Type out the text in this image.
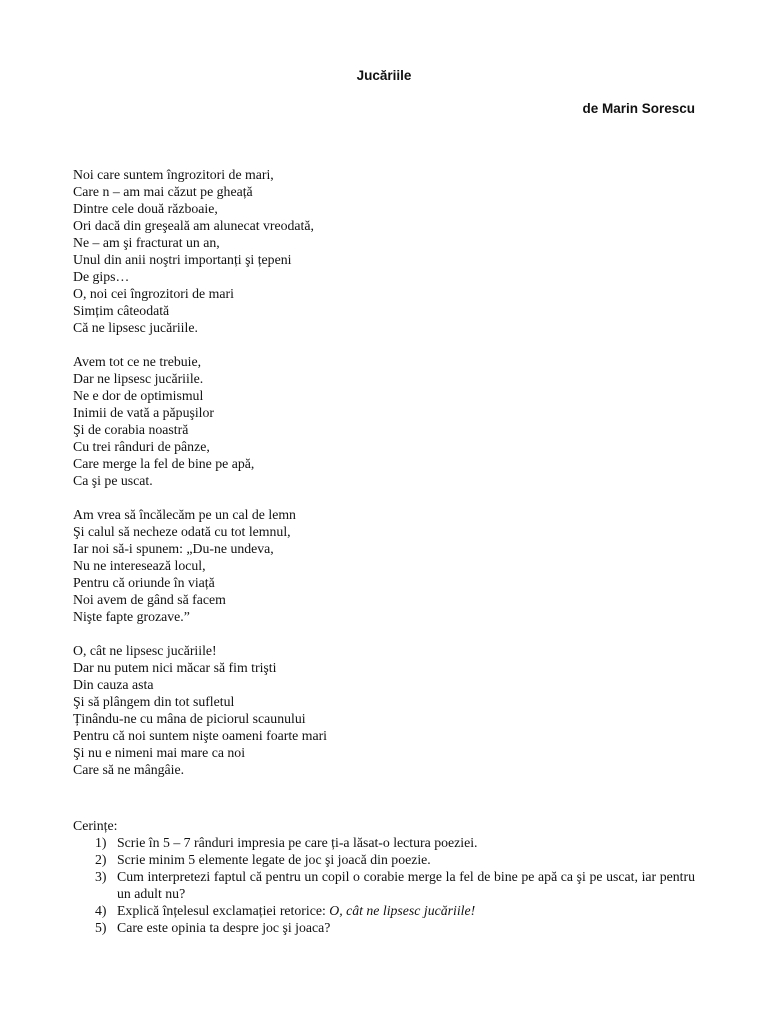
Jucăriile
de Marin Sorescu
Noi care suntem îngrozitori de mari,
Care n – am mai căzut pe gheață
Dintre cele două războaie,
Ori dacă din greşeală am alunecat vreodată,
Ne – am şi fracturat un an,
Unul din anii noştri importanți şi țepeni
De gips…
O, noi cei îngrozitori de mari
Simțim câteodată
Că ne lipsesc jucăriile.
Avem tot ce ne trebuie,
Dar ne lipsesc jucăriile.
Ne e dor de optimismul
Inimii de vată a păpuşilor
Şi de corabia noastră
Cu trei rânduri de pânze,
Care merge la fel de bine pe apă,
Ca şi pe uscat.
Am vrea să încălecăm pe un cal de lemn
Şi calul să necheze odată cu tot lemnul,
Iar noi să-i spunem: „Du-ne undeva,
Nu ne interesează locul,
Pentru că oriunde în viață
Noi avem de gând să facem
Nişte fapte grozave.”
O, cât ne lipsesc jucăriile!
Dar nu putem nici măcar să fim trişti
Din cauza asta
Şi să plângem din tot sufletul
Ținându-ne cu mâna de piciorul scaunului
Pentru că noi suntem nişte oameni foarte mari
Şi nu e nimeni mai mare ca noi
Care să ne mângâie.
Cerințe:
1) Scrie în 5 – 7 rânduri impresia pe care ți-a lăsat-o lectura poeziei.
2) Scrie minim 5 elemente legate de joc şi joacă din poezie.
3) Cum interpretezi faptul că pentru un copil o corabie merge la fel de bine pe apă ca şi pe uscat, iar pentru un adult nu?
4) Explică înțelesul exclamației retorice: O, cât ne lipsesc jucăriile!
5) Care este opinia ta despre joc şi joaca?
